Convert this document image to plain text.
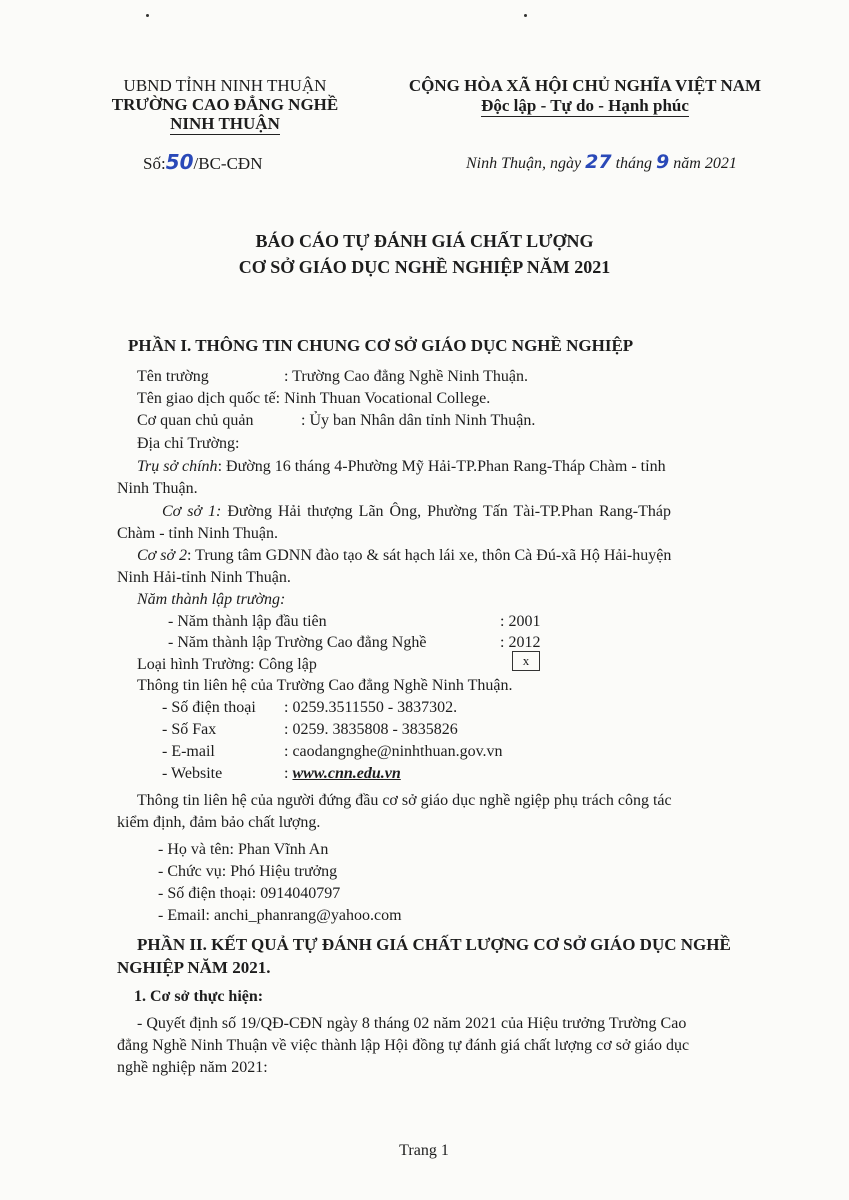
UBND TỈNH NINH THUẬN
TRƯỜNG CAO ĐẲNG NGHỀ
NINH THUẬN
Số:50/BC-CĐN
CỘNG HÒA XÃ HỘI CHỦ NGHĨA VIỆT NAM
Độc lập - Tự do - Hạnh phúc
Ninh Thuận, ngày 27 tháng 9 năm 2021
BÁO CÁO TỰ ĐÁNH GIÁ CHẤT LƯỢNG
CƠ SỞ GIÁO DỤC NGHỀ NGHIỆP NĂM 2021
PHẦN I. THÔNG TIN CHUNG CƠ SỞ GIÁO DỤC NGHỀ NGHIỆP
Tên trường	: Trường Cao đẳng Nghề Ninh Thuận.
Tên giao dịch quốc tế: Ninh Thuan Vocational College.
Cơ quan chủ quản	: Ủy ban Nhân dân tỉnh Ninh Thuận.
Địa chỉ Trường:
Trụ sở chính: Đường 16 tháng 4-Phường Mỹ Hải-TP.Phan Rang-Tháp Chàm - tỉnh
Ninh Thuận.
Cơ sở 1: Đường Hải thượng Lãn Ông, Phường Tấn Tài-TP.Phan Rang-Tháp
Chàm - tỉnh Ninh Thuận.
Cơ sở 2: Trung tâm GDNN đào tạo & sát hạch lái xe, thôn Cà Đú-xã Hộ Hải-huyện
Ninh Hải-tỉnh Ninh Thuận.
Năm thành lập trường:
- Năm thành lập đầu tiên	: 2001
- Năm thành lập Trường Cao đẳng Nghề	: 2012
Loại hình Trường: Công lập	x
Thông tin liên hệ của Trường Cao đẳng Nghề Ninh Thuận.
- Số điện thoại : 0259.3511550 - 3837302.
- Số Fax	: 0259. 3835808 - 3835826
- E-mail	: caodangnghe@ninhthuan.gov.vn
- Website	: www.cnn.edu.vn
Thông tin liên hệ của người đứng đầu cơ sở giáo dục nghề ngiệp phụ trách công tác
kiểm định, đảm bảo chất lượng.
- Họ và tên: Phan Vĩnh An
- Chức vụ: Phó Hiệu trưởng
- Số điện thoại: 0914040797
- Email: anchi_phanrang@yahoo.com
PHẦN II. KẾT QUẢ TỰ ĐÁNH GIÁ CHẤT LƯỢNG CƠ SỞ GIÁO DỤC NGHỀ
NGHIỆP NĂM 2021.
1. Cơ sở thực hiện:
- Quyết định số 19/QĐ-CĐN ngày 8 tháng 02 năm 2021 của Hiệu trưởng Trường Cao
đẳng Nghề Ninh Thuận về việc thành lập Hội đồng tự đánh giá chất lượng cơ sở giáo dục
nghề nghiệp năm 2021:
Trang 1
